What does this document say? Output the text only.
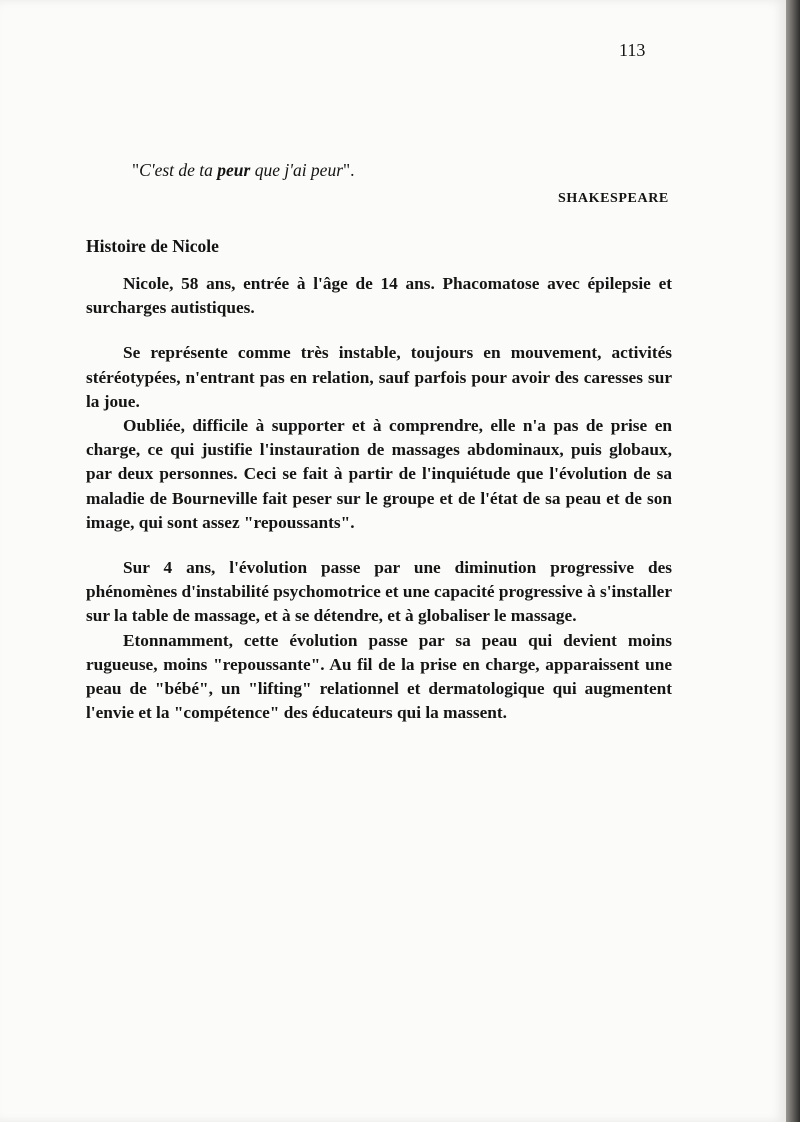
113
"C'est de ta peur que j'ai peur".
SHAKESPEARE
Histoire de Nicole

Nicole, 58 ans, entrée à l'âge de 14 ans. Phacomatose avec épilepsie et surcharges autistiques.

Se représente comme très instable, toujours en mouvement, activités stéréotypées, n'entrant pas en relation, sauf parfois pour avoir des caresses sur la joue.

Oubliée, difficile à supporter et à comprendre, elle n'a pas de prise en charge, ce qui justifie l'instauration de massages abdominaux, puis globaux, par deux personnes. Ceci se fait à partir de l'inquiétude que l'évolution de sa maladie de Bourneville fait peser sur le groupe et de l'état de sa peau et de son image, qui sont assez "repoussants".

Sur 4 ans, l'évolution passe par une diminution progressive des phénomènes d'instabilité psychomotrice et une capacité progressive à s'installer sur la table de massage, et à se détendre, et à globaliser le massage.

Etonnamment, cette évolution passe par sa peau qui devient moins rugueuse, moins "repoussante". Au fil de la prise en charge, apparaissent une peau de "bébé", un "lifting" relationnel et dermatologique qui augmentent l'envie et la "compétence" des éducateurs qui la massent.
